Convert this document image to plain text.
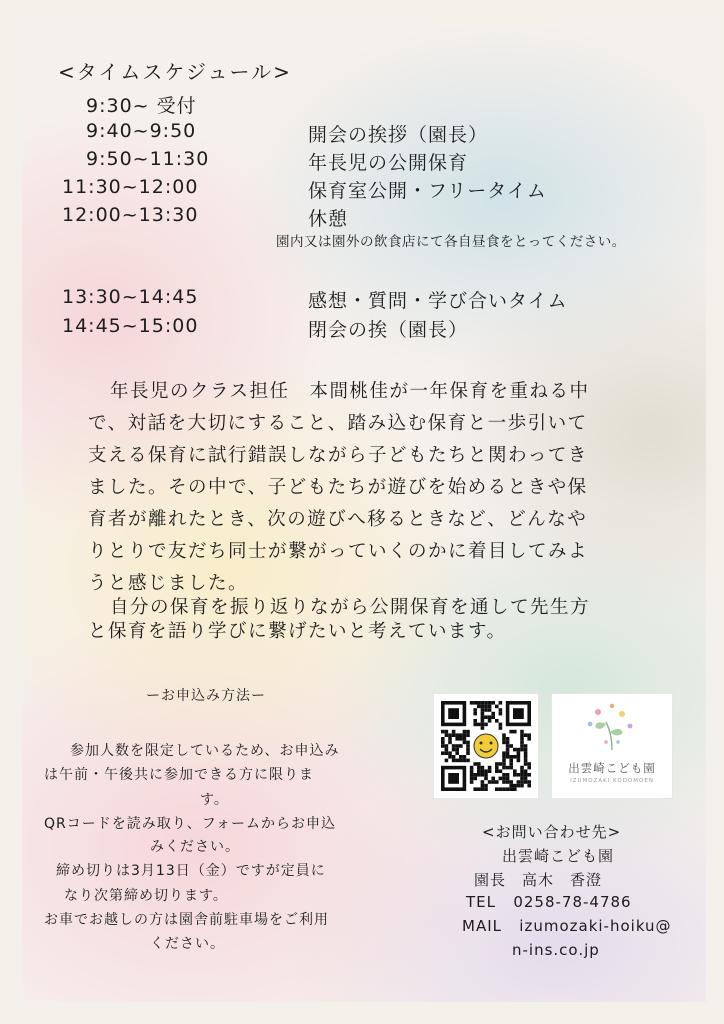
<タイムスケジュール>
9:30~ 受付
9:40~9:50	開会の挨拶（園長）
9:50~11:30	年長児の公開保育
11:30~12:00	保育室公開・フリータイム
12:00~13:30	休憩
園内又は園外の飲食店にて各自昼食をとってください。
13:30~14:45	感想・質問・学び合いタイム
14:45~15:00	閉会の挨（園長）
年長児のクラス担任　本間桃佳が一年保育を重ねる中
で、対話を大切にすること、踏み込む保育と一歩引いて
支える保育に試行錯誤しながら子どもたちと関わってき
ました。その中で、子どもたちが遊びを始めるときや保
育者が離れたとき、次の遊びへ移るときなど、どんなや
りとりで友だち同士が繋がっていくのかに着目してみよ
うと感じました。
自分の保育を振り返りながら公開保育を通して先生方
と保育を語り学びに繋げたいと考えています。
ーお申込み方法ー
参加人数を限定しているため、お申込み
は午前・午後共に参加できる方に限りま
す。
QRコードを読み取り、フォームからお申込
みください。
締め切りは3月13日（金）ですが定員に
なり次第締め切ります。
お車でお越しの方は園舎前駐車場をご利用
ください。
出雲崎こども園
IZUMOZAKI KODOMOEN
<お問い合わせ先>
出雲崎こども園
園長　高木　香澄
TEL 0258-78-4786
MAIL izumozaki-hoiku@
n-ins.co.jp
